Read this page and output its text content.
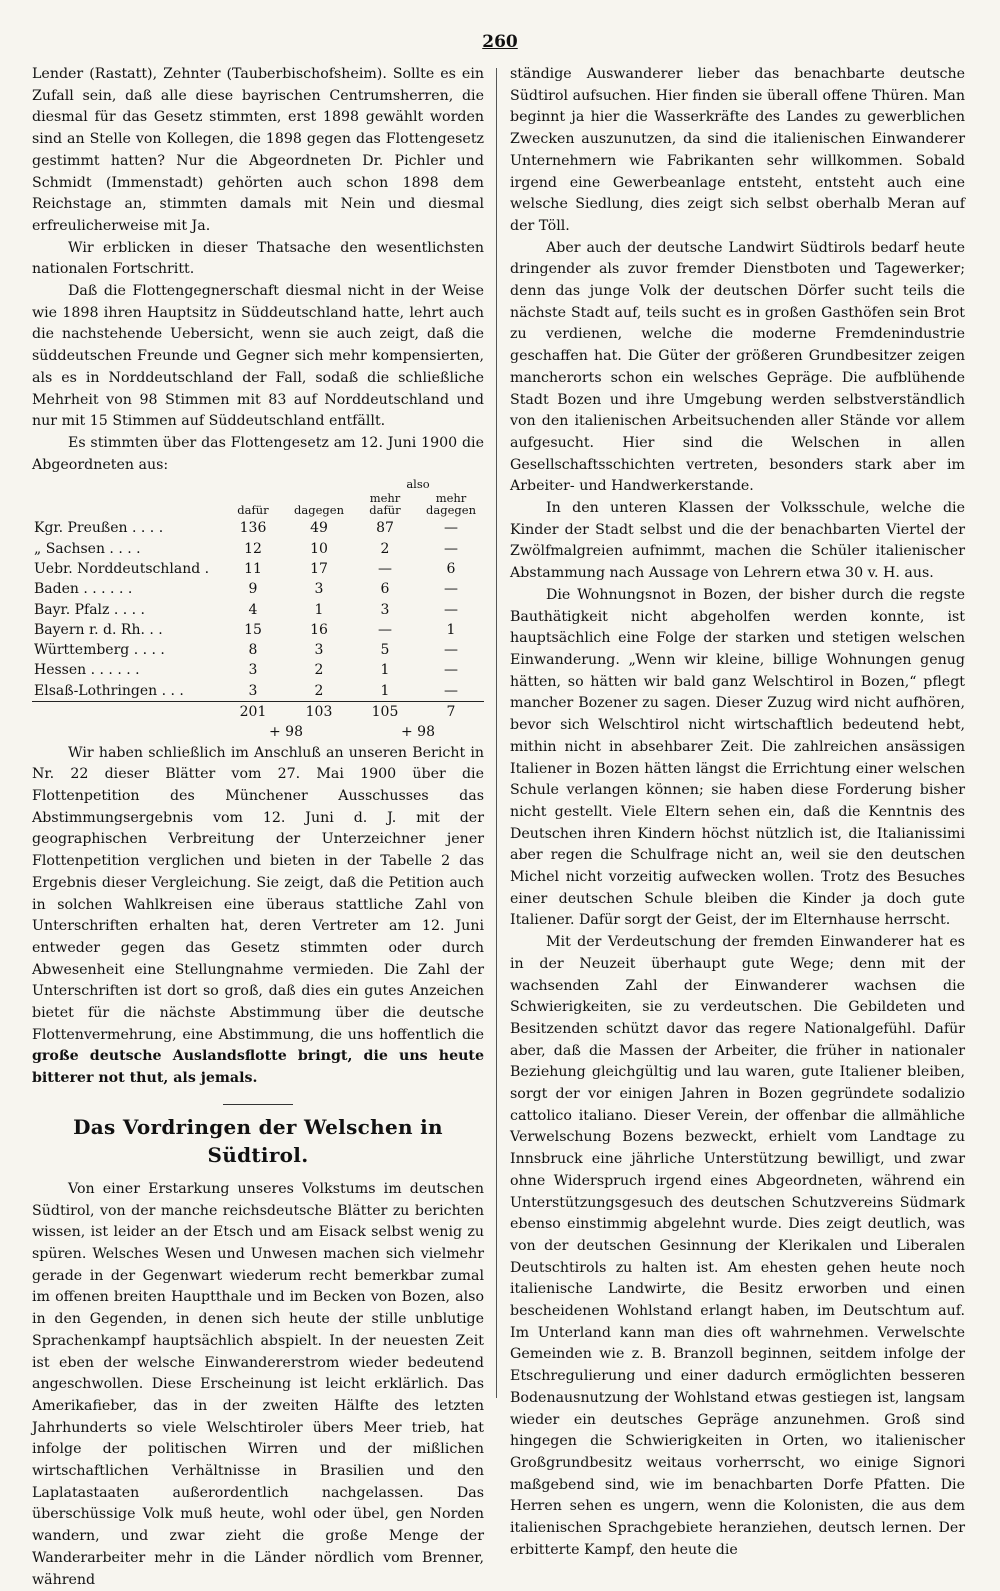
260

Lender (Rastatt), Zehnter (Tauberbischofsheim). Sollte es ein Zufall sein, daß alle diese bayrischen Centrumsherren, die diesmal für das Gesetz stimmten, erst 1898 gewählt worden sind an Stelle von Kollegen, die 1898 gegen das Flottengesetz gestimmt hatten? Nur die Abgeordneten Dr. Pichler und Schmidt (Immenstadt) gehörten auch schon 1898 dem Reichstage an, stimmten damals mit Nein und diesmal erfreulicherweise mit Ja.

Wir erblicken in dieser Thatsache den wesentlichsten nationalen Fortschritt.

Daß die Flottengegnerschaft diesmal nicht in der Weise wie 1898 ihren Hauptsitz in Süddeutschland hatte, lehrt auch die nachstehende Uebersicht, wenn sie auch zeigt, daß die süddeutschen Freunde und Gegner sich mehr kompensierten, als es in Norddeutschland der Fall, sodaß die schließliche Mehrheit von 98 Stimmen mit 83 auf Norddeutschland und nur mit 15 Stimmen auf Süddeutschland entfällt.

Es stimmten über das Flottengesetz am 12. Juni 1900 die Abgeordneten aus:

			also	
	dafür	dagegen	mehr dafür	mehr dagegen
Kgr. Preußen . . . .	136	49	87	—
„ Sachsen . . . .	12	10	2	—
Uebr. Norddeutschland .	11	17	—	6
Baden . . . . . .	9	3	6	—
Bayr. Pfalz . . . .	4	1	3	—
Bayern r. d. Rh. . .	15	16	—	1
Württemberg . . . .	8	3	5	—
Hessen . . . . . .	3	2	1	—
Elsaß-Lothringen . . .	3	2	1	—
	201	103	105	7
	+ 98		+ 98	

Wir haben schließlich im Anschluß an unseren Bericht in Nr. 22 dieser Blätter vom 27. Mai 1900 über die Flottenpetition des Münchener Ausschusses das Abstimmungsergebnis vom 12. Juni d. J. mit der geographischen Verbreitung der Unterzeichner jener Flottenpetition verglichen und bieten in der Tabelle 2 das Ergebnis dieser Vergleichung. Sie zeigt, daß die Petition auch in solchen Wahlkreisen eine überaus stattliche Zahl von Unterschriften erhalten hat, deren Vertreter am 12. Juni entweder gegen das Gesetz stimmten oder durch Abwesenheit eine Stellungnahme vermieden. Die Zahl der Unterschriften ist dort so groß, daß dies ein gutes Anzeichen bietet für die nächste Abstimmung über die deutsche Flottenvermehrung, eine Abstimmung, die uns hoffentlich die große deutsche Auslandsflotte bringt, die uns heute bitterer not thut, als jemals.

Das Vordringen der Welschen in Südtirol.

Von einer Erstarkung unseres Volkstums im deutschen Südtirol, von der manche reichsdeutsche Blätter zu berichten wissen, ist leider an der Etsch und am Eisack selbst wenig zu spüren. Welsches Wesen und Unwesen machen sich vielmehr gerade in der Gegenwart wiederum recht bemerkbar zumal im offenen breiten Hauptthale und im Becken von Bozen, also in den Gegenden, in denen sich heute der stille unblutige Sprachenkampf hauptsächlich abspielt. In der neuesten Zeit ist eben der welsche Einwandererstrom wieder bedeutend angeschwollen. Diese Erscheinung ist leicht erklärlich. Das Amerikafieber, das in der zweiten Hälfte des letzten Jahrhunderts so viele Welschtiroler übers Meer trieb, hat infolge der politischen Wirren und der mißlichen wirtschaftlichen Verhältnisse in Brasilien und den Laplatastaaten außerordentlich nachgelassen. Das überschüssige Volk muß heute, wohl oder übel, gen Norden wandern, und zwar zieht die große Menge der Wanderarbeiter mehr in die Länder nördlich vom Brenner, während

ständige Auswanderer lieber das benachbarte deutsche Südtirol aufsuchen. Hier finden sie überall offene Thüren. Man beginnt ja hier die Wasserkräfte des Landes zu gewerblichen Zwecken auszunutzen, da sind die italienischen Einwanderer Unternehmern wie Fabrikanten sehr willkommen. Sobald irgend eine Gewerbeanlage entsteht, entsteht auch eine welsche Siedlung, dies zeigt sich selbst oberhalb Meran auf der Töll.

Aber auch der deutsche Landwirt Südtirols bedarf heute dringender als zuvor fremder Dienstboten und Tagewerker; denn das junge Volk der deutschen Dörfer sucht teils die nächste Stadt auf, teils sucht es in großen Gasthöfen sein Brot zu verdienen, welche die moderne Fremdenindustrie geschaffen hat. Die Güter der größeren Grundbesitzer zeigen mancherorts schon ein welsches Gepräge. Die aufblühende Stadt Bozen und ihre Umgebung werden selbstverständlich von den italienischen Arbeitsuchenden aller Stände vor allem aufgesucht. Hier sind die Welschen in allen Gesellschaftsschichten vertreten, besonders stark aber im Arbeiter- und Handwerkerstande.

In den unteren Klassen der Volksschule, welche die Kinder der Stadt selbst und die der benachbarten Viertel der Zwölfmalgreien aufnimmt, machen die Schüler italienischer Abstammung nach Aussage von Lehrern etwa 30 v. H. aus.

Die Wohnungsnot in Bozen, der bisher durch die regste Bauthätigkeit nicht abgeholfen werden konnte, ist hauptsächlich eine Folge der starken und stetigen welschen Einwanderung. „Wenn wir kleine, billige Wohnungen genug hätten, so hätten wir bald ganz Welschtirol in Bozen,“ pflegt mancher Bozener zu sagen. Dieser Zuzug wird nicht aufhören, bevor sich Welschtirol nicht wirtschaftlich bedeutend hebt, mithin nicht in absehbarer Zeit. Die zahlreichen ansässigen Italiener in Bozen hätten längst die Errichtung einer welschen Schule verlangen können; sie haben diese Forderung bisher nicht gestellt. Viele Eltern sehen ein, daß die Kenntnis des Deutschen ihren Kindern höchst nützlich ist, die Italianissimi aber regen die Schulfrage nicht an, weil sie den deutschen Michel nicht vorzeitig aufwecken wollen. Trotz des Besuches einer deutschen Schule bleiben die Kinder ja doch gute Italiener. Dafür sorgt der Geist, der im Elternhause herrscht.

Mit der Verdeutschung der fremden Einwanderer hat es in der Neuzeit überhaupt gute Wege; denn mit der wachsenden Zahl der Einwanderer wachsen die Schwierigkeiten, sie zu verdeutschen. Die Gebildeten und Besitzenden schützt davor das regere Nationalgefühl. Dafür aber, daß die Massen der Arbeiter, die früher in nationaler Beziehung gleichgültig und lau waren, gute Italiener bleiben, sorgt der vor einigen Jahren in Bozen gegründete sodalizio cattolico italiano. Dieser Verein, der offenbar die allmähliche Verwelschung Bozens bezweckt, erhielt vom Landtage zu Innsbruck eine jährliche Unterstützung bewilligt, und zwar ohne Widerspruch irgend eines Abgeordneten, während ein Unterstützungsgesuch des deutschen Schutzvereins Südmark ebenso einstimmig abgelehnt wurde. Dies zeigt deutlich, was von der deutschen Gesinnung der Klerikalen und Liberalen Deutschtirols zu halten ist. Am ehesten gehen heute noch italienische Landwirte, die Besitz erworben und einen bescheidenen Wohlstand erlangt haben, im Deutschtum auf. Im Unterland kann man dies oft wahrnehmen. Verwelschte Gemeinden wie z. B. Branzoll beginnen, seitdem infolge der Etschregulierung und einer dadurch ermöglichten besseren Bodenausnutzung der Wohlstand etwas gestiegen ist, langsam wieder ein deutsches Gepräge anzunehmen. Groß sind hingegen die Schwierigkeiten in Orten, wo italienischer Großgrundbesitz weitaus vorherrscht, wo einige Signori maßgebend sind, wie im benachbarten Dorfe Pfatten. Die Herren sehen es ungern, wenn die Kolonisten, die aus dem italienischen Sprachgebiete heranziehen, deutsch lernen. Der erbitterte Kampf, den heute die
